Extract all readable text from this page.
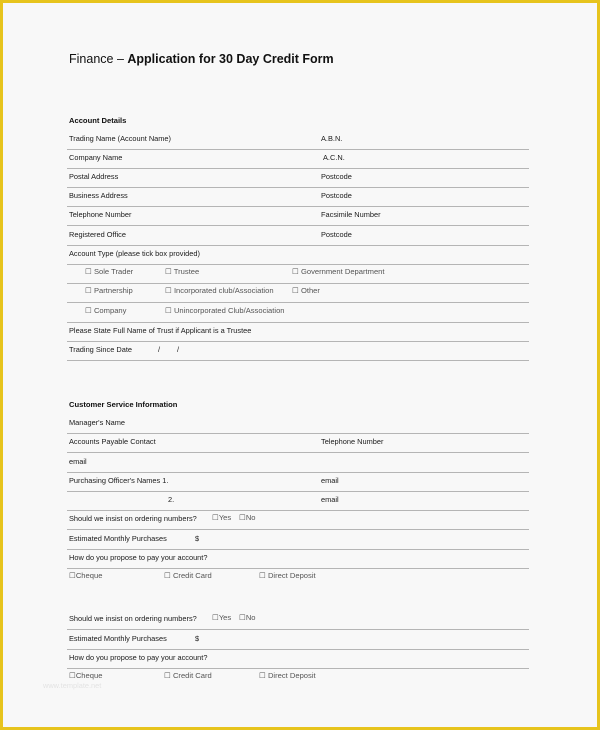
Finance – Application for 30 Day Credit Form
Account Details
Trading Name (Account Name)	A.B.N.
Company Name	A.C.N.
Postal Address	Postcode
Business Address	Postcode
Telephone Number	Facsimile Number
Registered Office	Postcode
Account Type (please tick box provided)
☐ Sole Trader	☐ Trustee	☐ Government Department
☐ Partnership	☐ Incorporated club/Association ☐ Other
☐ Company	☐ Unincorporated Club/Association
Please State Full Name of Trust if Applicant is a Trustee
Trading Since Date	/ /
Customer Service Information
Manager's Name
Accounts Payable Contact	Telephone Number
email
Purchasing Officer's Names 1.	email
2.	email
Should we insist on ordering numbers? ☐Yes ☐No
Estimated Monthly Purchases	$
How do you propose to pay your account?
☐Cheque	☐ Credit Card	☐ Direct Deposit
Should we insist on ordering numbers? ☐Yes ☐No
Estimated Monthly Purchases	$
How do you propose to pay your account?
☐Cheque	☐ Credit Card	☐ Direct Deposit
www.template.net
